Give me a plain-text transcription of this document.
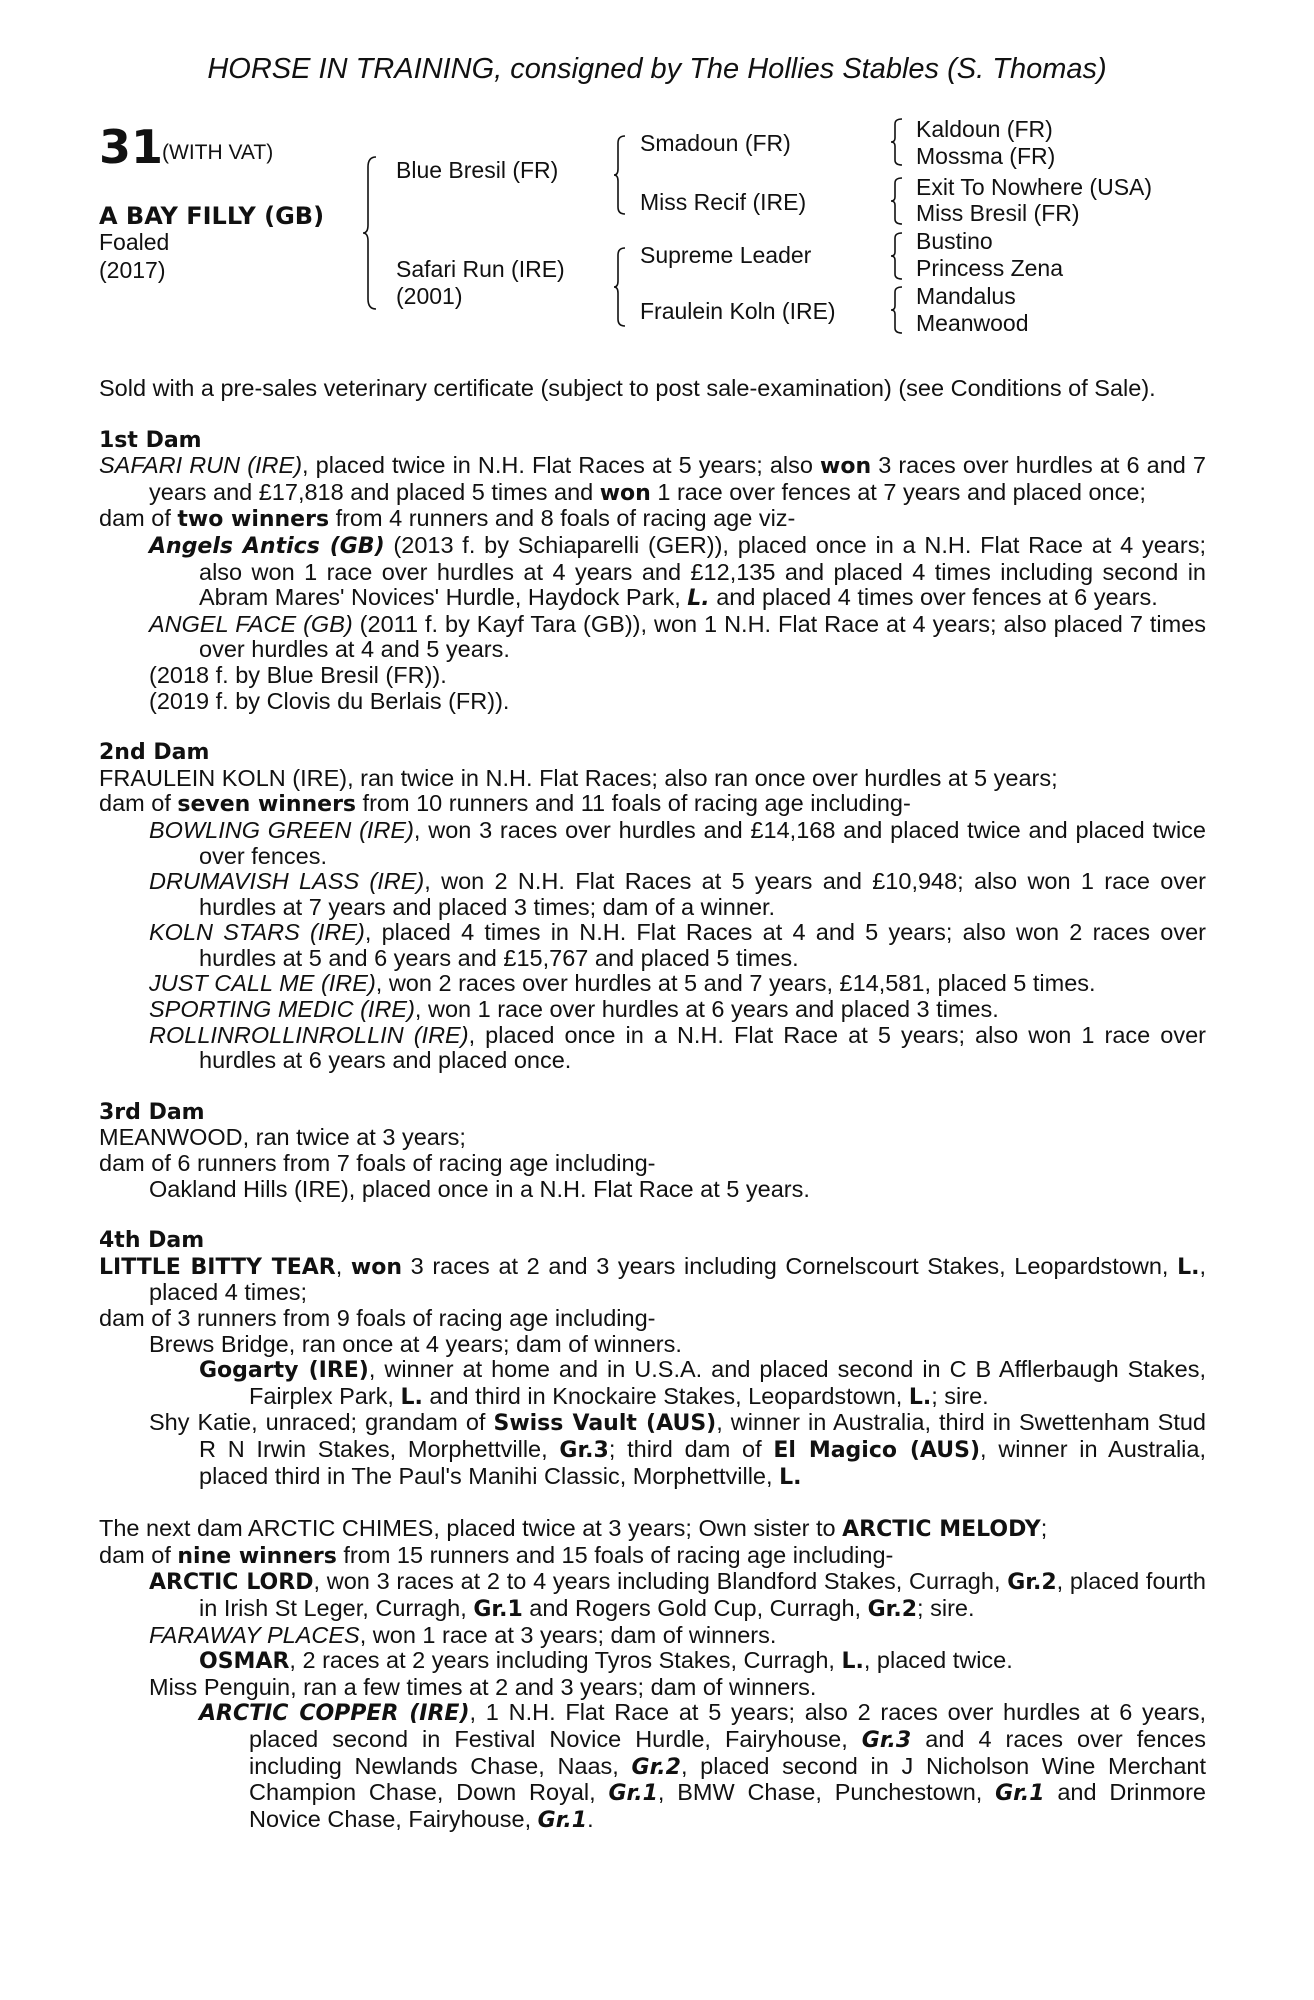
HORSE IN TRAINING, consigned by The Hollies Stables (S. Thomas)
31
(WITH VAT)
A BAY FILLY (GB)
Foaled
(2017)
Blue Bresil (FR)
Safari Run (IRE)
(2001)
Smadoun (FR)
Miss Recif (IRE)
Supreme Leader
Fraulein Koln (IRE)
Kaldoun (FR)
Mossma (FR)
Exit To Nowhere (USA)
Miss Bresil (FR)
Bustino
Princess Zena
Mandalus
Meanwood

Sold with a pre-sales veterinary certificate (subject to post sale-examination) (see Conditions of Sale).

1st Dam

SAFARI RUN (IRE), placed twice in N.H. Flat Races at 5 years; also won 3 races over hurdles at 6 and 7 years and £17,818 and placed 5 times and won 1 race over fences at 7 years and placed once;

dam of two winners from 4 runners and 8 foals of racing age viz-

Angels Antics (GB) (2013 f. by Schiaparelli (GER)), placed once in a N.H. Flat Race at 4 years; also won 1 race over hurdles at 4 years and £12,135 and placed 4 times including second in Abram Mares' Novices' Hurdle, Haydock Park, L. and placed 4 times over fences at 6 years.

ANGEL FACE (GB) (2011 f. by Kayf Tara (GB)), won 1 N.H. Flat Race at 4 years; also placed 7 times over hurdles at 4 and 5 years.

(2018 f. by Blue Bresil (FR)).

(2019 f. by Clovis du Berlais (FR)).

2nd Dam

FRAULEIN KOLN (IRE), ran twice in N.H. Flat Races; also ran once over hurdles at 5 years;

dam of seven winners from 10 runners and 11 foals of racing age including-

BOWLING GREEN (IRE), won 3 races over hurdles and £14,168 and placed twice and placed twice over fences.

DRUMAVISH LASS (IRE), won 2 N.H. Flat Races at 5 years and £10,948; also won 1 race over hurdles at 7 years and placed 3 times; dam of a winner.

KOLN STARS (IRE), placed 4 times in N.H. Flat Races at 4 and 5 years; also won 2 races over hurdles at 5 and 6 years and £15,767 and placed 5 times.

JUST CALL ME (IRE), won 2 races over hurdles at 5 and 7 years, £14,581, placed 5 times.

SPORTING MEDIC (IRE), won 1 race over hurdles at 6 years and placed 3 times.

ROLLINROLLINROLLIN (IRE), placed once in a N.H. Flat Race at 5 years; also won 1 race over hurdles at 6 years and placed once.

3rd Dam

MEANWOOD, ran twice at 3 years;

dam of 6 runners from 7 foals of racing age including-

Oakland Hills (IRE), placed once in a N.H. Flat Race at 5 years.

4th Dam

LITTLE BITTY TEAR, won 3 races at 2 and 3 years including Cornelscourt Stakes, Leopardstown, L., placed 4 times;

dam of 3 runners from 9 foals of racing age including-

Brews Bridge, ran once at 4 years; dam of winners.

Gogarty (IRE), winner at home and in U.S.A. and placed second in C B Afflerbaugh Stakes, Fairplex Park, L. and third in Knockaire Stakes, Leopardstown, L.; sire.

Shy Katie, unraced; grandam of Swiss Vault (AUS), winner in Australia, third in Swettenham Stud R N Irwin Stakes, Morphettville, Gr.3; third dam of El Magico (AUS), winner in Australia, placed third in The Paul's Manihi Classic, Morphettville, L.

The next dam ARCTIC CHIMES, placed twice at 3 years; Own sister to ARCTIC MELODY;

dam of nine winners from 15 runners and 15 foals of racing age including-

ARCTIC LORD, won 3 races at 2 to 4 years including Blandford Stakes, Curragh, Gr.2, placed fourth in Irish St Leger, Curragh, Gr.1 and Rogers Gold Cup, Curragh, Gr.2; sire.

FARAWAY PLACES, won 1 race at 3 years; dam of winners.

OSMAR, 2 races at 2 years including Tyros Stakes, Curragh, L., placed twice.

Miss Penguin, ran a few times at 2 and 3 years; dam of winners.

ARCTIC COPPER (IRE), 1 N.H. Flat Race at 5 years; also 2 races over hurdles at 6 years, placed second in Festival Novice Hurdle, Fairyhouse, Gr.3 and 4 races over fences including Newlands Chase, Naas, Gr.2, placed second in J Nicholson Wine Merchant Champion Chase, Down Royal, Gr.1, BMW Chase, Punchestown, Gr.1 and Drinmore Novice Chase, Fairyhouse, Gr.1.
